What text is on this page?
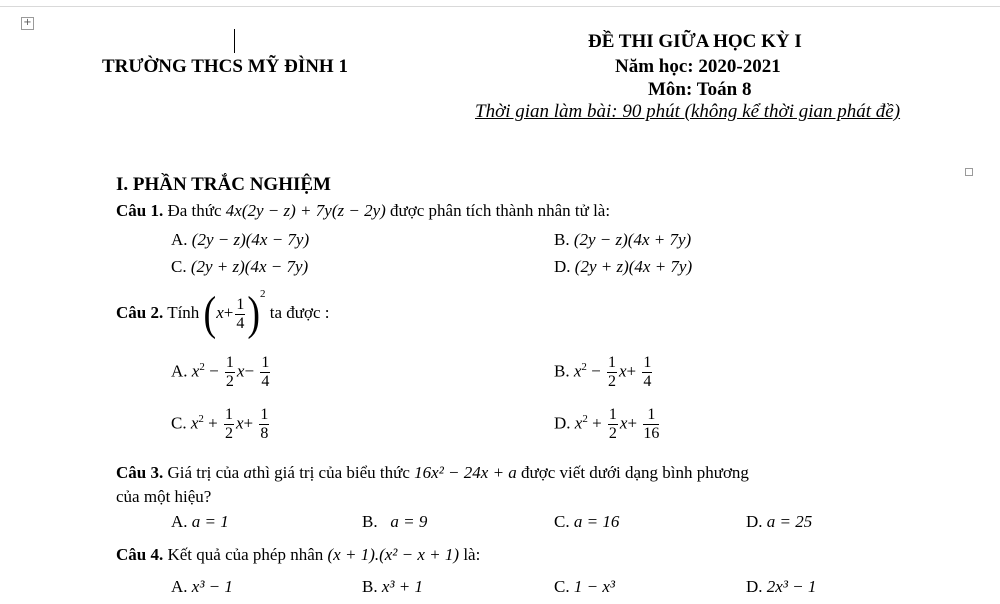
+
TRƯỜNG THCS MỸ ĐÌNH 1
ĐỀ THI GIỮA HỌC KỲ I
Năm học: 2020-2021
Môn: Toán 8
Thời gian làm bài: 90 phút (không kể thời gian phát đề)
I. PHẦN TRẮC NGHIỆM
Câu 1. Đa thức 4x(2y − z) + 7y(z − 2y) được phân tích thành nhân tử là:
A. (2y − z)(4x − 7y)	B. (2y − z)(4x + 7y)
C. (2y + z)(4x − 7y)	D. (2y + z)(4x + 7y)
Câu 2. Tính $(x+ \frac{1}{4} )^2$ ta được :
A. $x^2 - \frac{1}{2} x- \frac{1}{4}$	B. $x^2 - \frac{1}{2} x+ \frac{1}{4}$
C. $x^2 + \frac{1}{2} x+ \frac{1}{8}$	D. $x^2 + \frac{1}{2} x+ \frac{1}{16}$
Câu 3. Giá trị của athì giá trị của biểu thức 16x² − 24x + a được viết dưới dạng bình phương
của một hiệu?
A. a = 1	B. a = 9	C. a = 16	D. a = 25
Câu 4. Kết quả của phép nhân (x + 1).(x² − x + 1) là:
A. x³ − 1	B. x³ + 1	C. 1 − x³	D. 2x³ − 1
